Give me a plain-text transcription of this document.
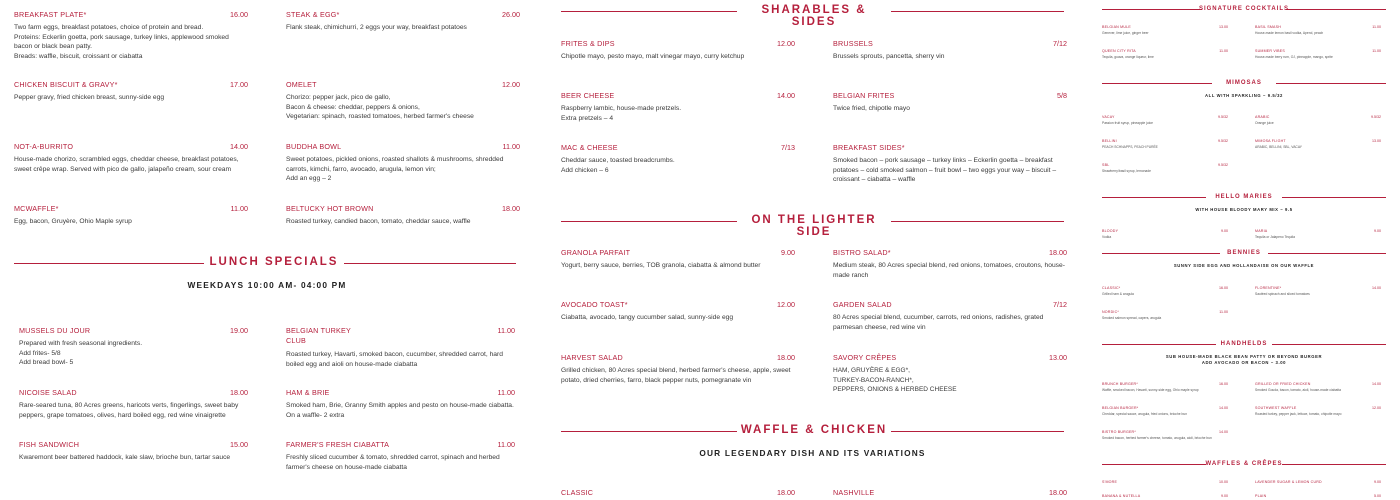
BREAKFAST PLATE*	16.00
Two farm eggs, breakfast potatoes, choice of protein and bread.
Proteins: Eckerlin goetta, pork sausage, turkey links, applewood smoked bacon or black bean patty.
Breads: waffle, biscuit, croissant or ciabatta
CHICKEN BISCUIT & GRAVY*	17.00
Pepper gravy, fried chicken breast, sunny-side egg
NOT-A-BURRITO	14.00
House-made chorizo, scrambled eggs, cheddar cheese, breakfast potatoes, sweet crêpe wrap. Served with pico de gallo, jalapeño cream, sour cream
MCWAFFLE*	11.00
Egg, bacon, Gruyère, Ohio Maple syrup
STEAK & EGG*	26.00
Flank steak, chimichurri, 2 eggs your way, breakfast potatoes
OMELET	12.00
Chorizo: pepper jack, pico de gallo,
Bacon & cheese: cheddar, peppers & onions,
Vegetarian: spinach, roasted tomatoes, herbed farmer's cheese
BUDDHA BOWL	11.00
Sweet potatoes, pickled onions, roasted shallots & mushrooms, shredded carrots, kimchi, farro, avocado, arugula, lemon vin;
Add an egg – 2
BELTUCKY HOT BROWN	18.00
Roasted turkey, candied bacon, tomato, cheddar sauce, waffle
LUNCH SPECIALS
WEEKDAYS 10:00 AM- 04:00 PM
MUSSELS DU JOUR	19.00
Prepared with fresh seasonal ingredients.
Add frites- 5/8
Add bread bowl- 5
NICOISE SALAD	18.00
Rare-seared tuna, 80 Acres greens, haricots verts, fingerlings, sweet baby peppers, grape tomatoes, olives, hard boiled egg, red wine vinaigrette
FISH SANDWICH	15.00
Kwaremont beer battered haddock, kale slaw, brioche bun, tartar sauce
BELGIAN TURKEY CLUB
11.00
Roasted turkey, Havarti, smoked bacon, cucumber, shredded carrot, hard boiled egg and aioli on house-made ciabatta
HAM & BRIE	11.00
Smoked ham, Brie, Granny Smith apples and pesto on house-made ciabatta.
On a waffle- 2 extra
FARMER'S FRESH CIABATTA	11.00
Freshly sliced cucumber & tomato, shredded carrot, spinach and herbed farmer's cheese on house-made ciabatta
SHARABLES & SIDES
FRITES & DIPS	12.00
Chipotle mayo, pesto mayo, malt vinegar mayo, curry ketchup
BEER CHEESE	14.00
Raspberry lambic, house-made pretzels.
Extra pretzels – 4
MAC & CHEESE	7/13
Cheddar sauce, toasted breadcrumbs.
Add chicken – 6
BRUSSELS	7/12
Brussels sprouts, pancetta, sherry vin
BELGIAN FRITES	5/8
Twice fried, chipotle mayo
BREAKFAST SIDES*
Smoked bacon – pork sausage – turkey links – Eckerlin goetta – breakfast potatoes – cold smoked salmon – fruit bowl – two eggs your way – biscuit – croissant – ciabatta – waffle
ON THE LIGHTER SIDE
GRANOLA PARFAIT	9.00
Yogurt, berry sauce, berries, TOB granola, ciabatta & almond butter
AVOCADO TOAST*	12.00
Ciabatta, avocado, tangy cucumber salad, sunny-side egg
HARVEST SALAD	18.00
Grilled chicken, 80 Acres special blend, herbed farmer's cheese, apple, sweet potato, dried cherries, farro, black pepper nuts, pomegranate vin
BISTRO SALAD*	18.00
Medium steak, 80 Acres special blend, red onions, tomatoes, croutons, house-made ranch
GARDEN SALAD	7/12
80 Acres special blend, cucumber, carrots, red onions, radishes, grated parmesan cheese, red wine vin
SAVORY CRÊPES	13.00
HAM, GRUYÈRE & EGG*,
TURKEY-BACON-RANCH*,
PEPPERS, ONIONS & HERBED CHEESE
WAFFLE & CHICKEN
OUR LEGENDARY DISH AND ITS VARIATIONS
CLASSIC	18.00	NASHVILLE	18.00
SIGNATURE COCKTAILS
BELGIAN MULE	13.00
Genever, lime juice, ginger beer
BASIL SMASH	11.00
House-made lemon basil vodka, Aperol, peach
QUEEN CITY RITA	11.00
Tequila, guava, orange liqueur, lime
SUMMER VIBES	11.00
House-made berry rum, OJ, pineapple, mango, sprite
MIMOSAS
ALL WITH SPARKLING – 9.5/32
VACAY	9.5/32
Passion fruit syrup, pineapple juice
ARABIC	9.5/32
Orange juice
BELLINI	9.5/32
PEACH SCHNAPPS, PEACH PURÉE
MIMOSA FLIGHT	13.00
ARABIC, BELLINI, SBL, VACAY
SBL	9.5/32
Strawberry/basil syrup, lemonade
HELLO MARIES
WITH HOUSE BLOODY MARY MIX – 9.5
BLOODY	9.00
Vodka
MARIA	9.00
Tequila or Jalapeno Tequila
BENNIES
SUNNY SIDE EGG AND HOLLANDAISE ON OUR WAFFLE
CLASSIC*	16.00
Grilled ham & arugula
FLORENTINE*	14.00
Sautéed spinach and sliced tomatoes
NORDIC*	11.00
Smoked salmon spread, capers, arugula
HANDHELDS
SUB HOUSE-MADE BLACK BEAN PATTY OR BEYOND BURGER
ADD AVOCADO OR BACON – 3.00
BRUNCH BURGER*	16.00
Waffle, smoked bacon, Havarti, sunny-side egg, Ohio maple syrup
GRILLED OR FRIED CHICKEN	14.00
Smoked Gouda, bacon, tomato, aioli, house-made ciabatta
BELGIAN BURGER*	14.00
Cheddar, special sauce, arugula, fried onions, brioche bun
SOUTHWEST WAFFLE	12.00
Roasted turkey, pepper jack, lettuce, tomato, chipotle mayo
BISTRO BURGER*	14.00
Smoked bacon, herbed farmer's cheese, tomato, arugula, aioli, brioche bun
WAFFLES & CRÊPES
S'MORE	10.00	LAVENDER SUGAR & LEMON CURD	9.00
BANANA & NUTELLA	9.00	PLAIN	5.00
